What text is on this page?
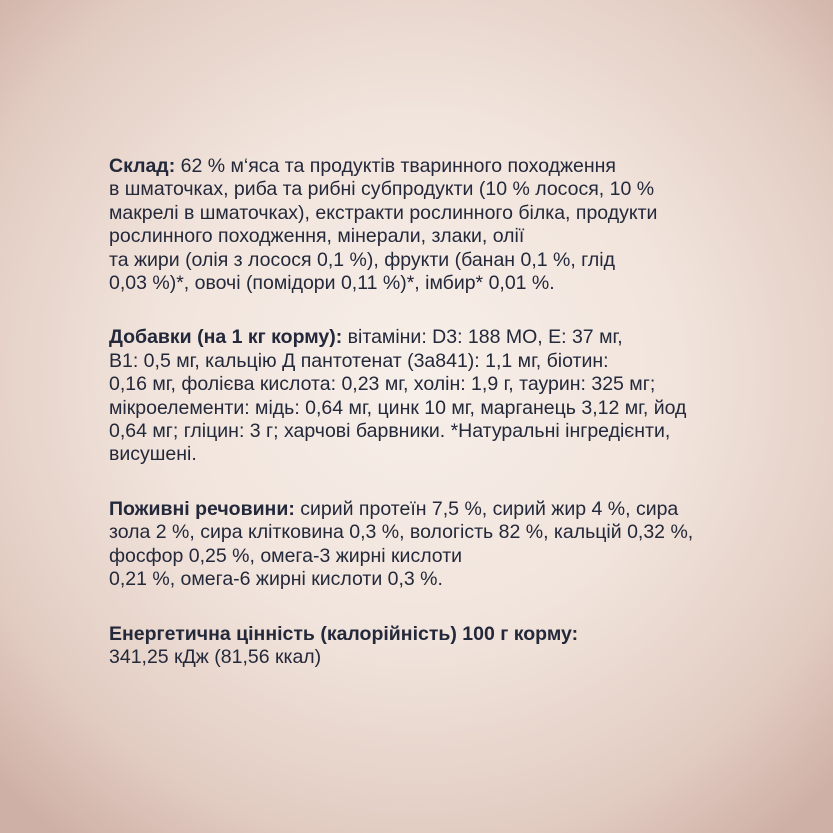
Склад: 62 % м‘яса та продуктів тваринного походження
в шматочках, риба та рибні субпродукти (10 % лосося, 10 %
макрелі в шматочках), екстракти рослинного білка, продукти
рослинного походження, мінерали, злаки, олії
та жири (олія з лосося 0,1 %), фрукти (банан 0,1 %, глід
0,03 %)*, овочі (помідори 0,11 %)*, імбир* 0,01 %.
Добавки (на 1 кг корму): вітаміни: D3: 188 МО, Е: 37 мг,
В1: 0,5 мг, кальцію Д пантотенат (3а841): 1,1 мг, біотин:
0,16 мг, фолієва кислота: 0,23 мг, холін: 1,9 г, таурин: 325 мг;
мікроелементи: мідь: 0,64 мг, цинк 10 мг, марганець 3,12 мг, йод
0,64 мг; гліцин: 3 г; харчові барвники. *Натуральні інгредієнти,
висушені.
Поживні речовини: сирий протеїн 7,5 %, сирий жир 4 %, сира
зола 2 %, сира клітковина 0,3 %, вологість 82 %, кальцій 0,32 %,
фосфор 0,25 %, омега-3 жирні кислоти
0,21 %, омега-6 жирні кислоти 0,3 %.
Енергетична цінність (калорійність) 100 г корму:
341,25 кДж (81,56 ккал)
